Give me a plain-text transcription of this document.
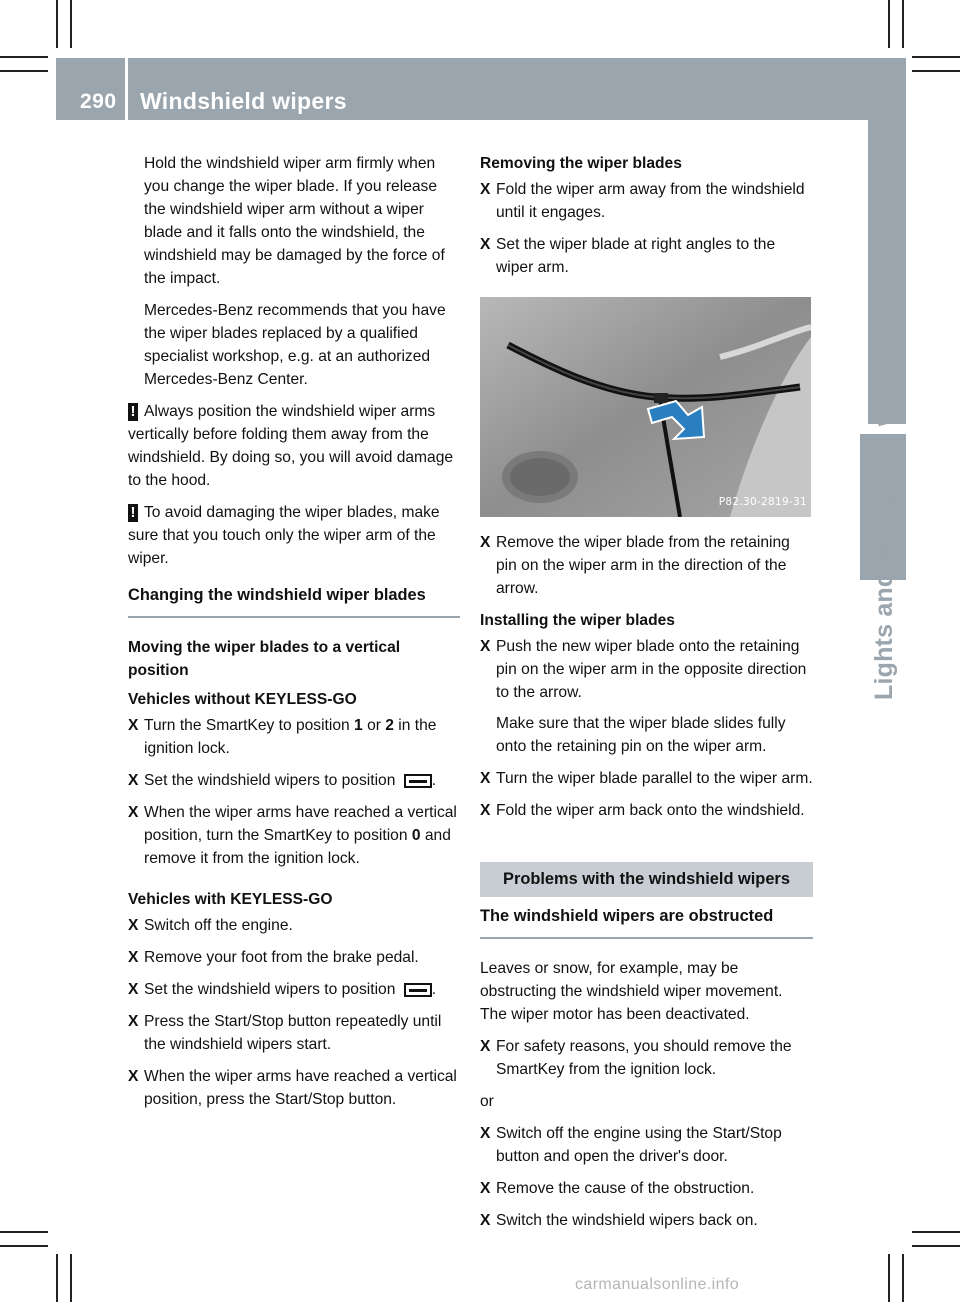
290	Windshield wipers
Lights and windshield wipers

Hold the windshield wiper arm firmly when you change the wiper blade. If you release the windshield wiper arm without a wiper blade and it falls onto the windshield, the windshield may be damaged by the force of the impact.

Mercedes-Benz recommends that you have the wiper blades replaced by a qualified specialist workshop, e.g. at an authorized Mercedes-Benz Center.

! Always position the windshield wiper arms vertically before folding them away from the windshield. By doing so, you will avoid damage to the hood.
! To avoid damaging the wiper blades, make sure that you touch only the wiper arm of the wiper.
Changing the windshield wiper blades

Moving the wiper blades to a vertical position

Vehicles without KEYLESS-GO

X Turn the SmartKey to position 1 or 2 in the ignition lock.
X Set the windshield wipers to position .
X When the wiper arms have reached a vertical position, turn the SmartKey to position 0 and remove it from the ignition lock.

Vehicles with KEYLESS-GO

X Switch off the engine.
X Remove your foot from the brake pedal.
X Set the windshield wipers to position .
X Press the Start/Stop button repeatedly until the windshield wipers start.
X When the wiper arms have reached a vertical position, press the Start/Stop button.

Removing the wiper blades

X Fold the wiper arm away from the windshield until it engages.
X Set the wiper blade at right angles to the wiper arm.
P82.30-2819-31
X Remove the wiper blade from the retaining pin on the wiper arm in the direction of the arrow.

Installing the wiper blades

X Push the new wiper blade onto the retaining pin on the wiper arm in the opposite direction to the arrow.
Make sure that the wiper blade slides fully onto the retaining pin on the wiper arm.
X Turn the wiper blade parallel to the wiper arm.
X Fold the wiper arm back onto the windshield.
Problems with the windshield wipers
The windshield wipers are obstructed

Leaves or snow, for example, may be obstructing the windshield wiper movement. The wiper motor has been deactivated.

X For safety reasons, you should remove the SmartKey from the ignition lock.

or

X Switch off the engine using the Start/Stop button and open the driver's door.
X Remove the cause of the obstruction.
X Switch the windshield wipers back on.
carmanualsonline.info
